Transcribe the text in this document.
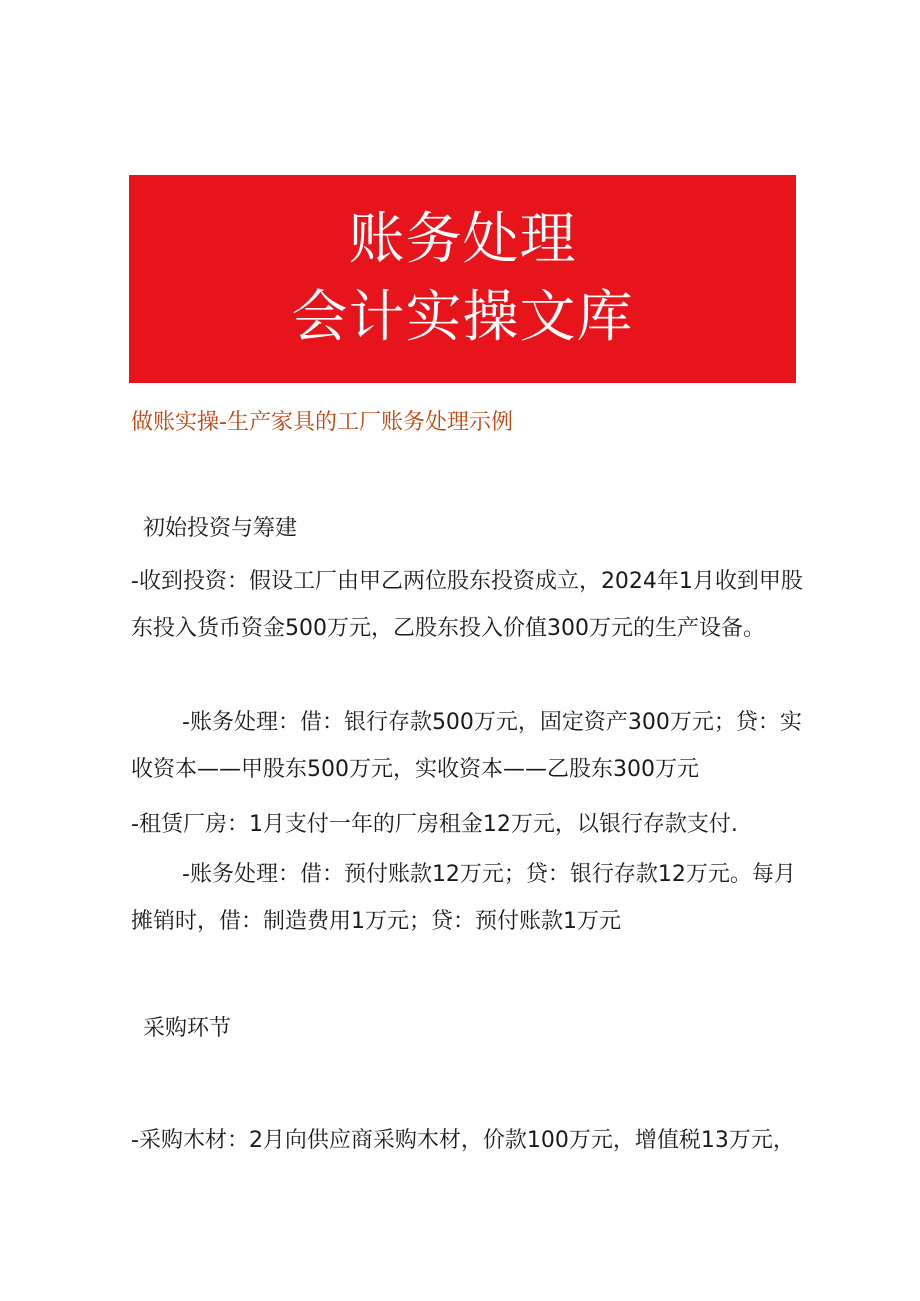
账务处理
会计实操文库
做账实操-生产家具的工厂账务处理示例
初始投资与筹建

-收到投资：假设工厂由甲乙两位股东投资成立，2024年1月收到甲股东投入货币资金500万元，乙股东投入价值300万元的生产设备。

-账务处理：借：银行存款500万元，固定资产300万元；贷：实收资本——甲股东500万元，实收资本——乙股东300万元

-租赁厂房：1月支付一年的厂房租金12万元，以银行存款支付.

-账务处理：借：预付账款12万元；贷：银行存款12万元。每月摊销时，借：制造费用1万元；贷：预付账款1万元

采购环节

-采购木材：2月向供应商采购木材，价款100万元，增值税13万元，
